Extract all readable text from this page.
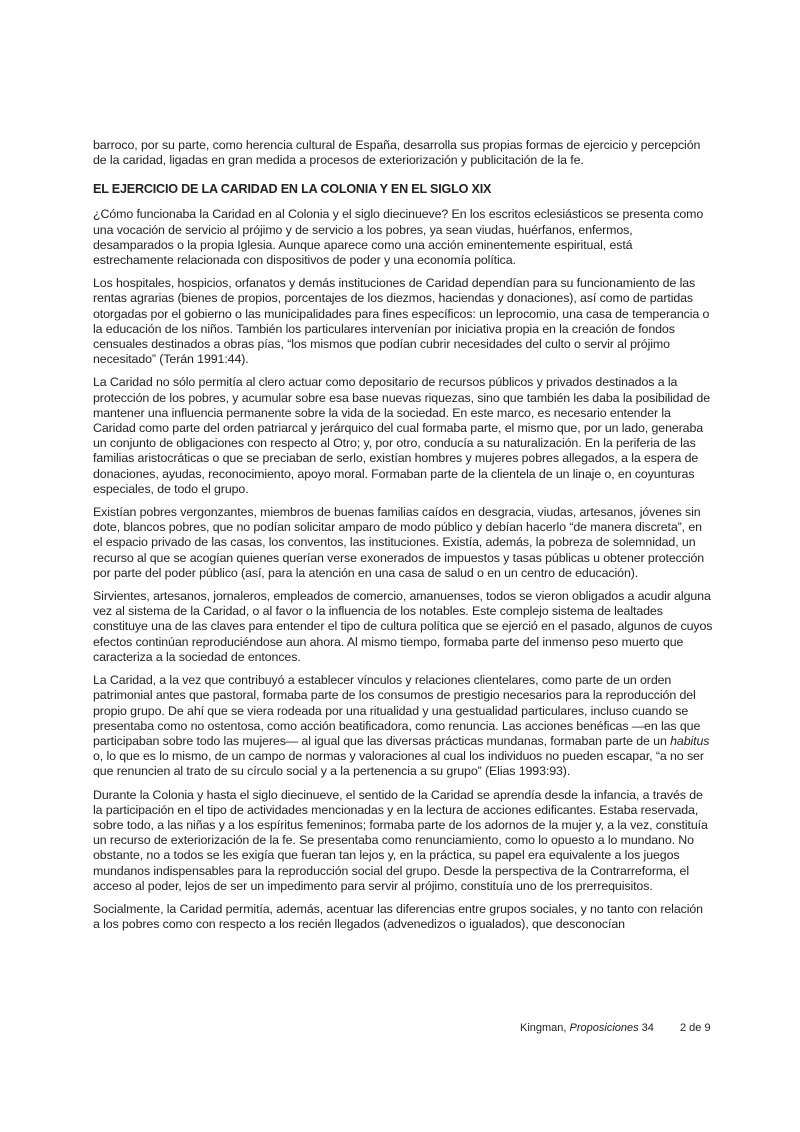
barroco, por su parte, como herencia cultural de España, desarrolla sus propias formas de ejercicio y percepción de la caridad, ligadas en gran medida a procesos de exteriorización y publicitación de la fe.

EL EJERCICIO DE LA CARIDAD EN LA COLONIA Y EN EL SIGLO XIX

¿Cómo funcionaba la Caridad en al Colonia y el siglo diecinueve? En los escritos eclesiásticos se presenta como una vocación de servicio al prójimo y de servicio a los pobres, ya sean viudas, huérfanos, enfermos, desamparados o la propia Iglesia. Aunque aparece como una acción eminentemente espiritual, está estrechamente relacionada con dispositivos de poder y una economía política.

Los hospitales, hospicios, orfanatos y demás instituciones de Caridad dependían para su funcionamiento de las rentas agrarias (bienes de propios, porcentajes de los diezmos, haciendas y donaciones), así como de partidas otorgadas por el gobierno o las municipalidades para fines específicos: un leprocomio, una casa de temperancia o la educación de los niños. También los particulares intervenían por iniciativa propia en la creación de fondos censuales destinados a obras pías, “los mismos que podían cubrir necesidades del culto o servir al prójimo necesitado” (Terán 1991:44).

La Caridad no sólo permitía al clero actuar como depositario de recursos públicos y privados destinados a la protección de los pobres, y acumular sobre esa base nuevas riquezas, sino que también les daba la posibilidad de mantener una influencia permanente sobre la vida de la sociedad. En este marco, es necesario entender la Caridad como parte del orden patriarcal y jerárquico del cual formaba parte, el mismo que, por un lado, generaba un conjunto de obligaciones con respecto al Otro; y, por otro, conducía a su naturalización. En la periferia de las familias aristocráticas o que se preciaban de serlo, existían hombres y mujeres pobres allegados, a la espera de donaciones, ayudas, reconocimiento, apoyo moral. Formaban parte de la clientela de un linaje o, en coyunturas especiales, de todo el grupo.

Existían pobres vergonzantes, miembros de buenas familias caídos en desgracia, viudas, artesanos, jóvenes sin dote, blancos pobres, que no podían solicitar amparo de modo público y debían hacerlo “de manera discreta”, en el espacio privado de las casas, los conventos, las instituciones. Existía, además, la pobreza de solemnidad, un recurso al que se acogían quienes querían verse exonerados de impuestos y tasas públicas u obtener protección por parte del poder público (así, para la atención en una casa de salud o en un centro de educación).

Sirvientes, artesanos, jornaleros, empleados de comercio, amanuenses, todos se vieron obligados a acudir alguna vez al sistema de la Caridad, o al favor o la influencia de los notables. Este complejo sistema de lealtades constituye una de las claves para entender el tipo de cultura política que se ejerció en el pasado, algunos de cuyos efectos continúan reproduciéndose aun ahora. Al mismo tiempo, formaba parte del inmenso peso muerto que caracteriza a la sociedad de entonces.

La Caridad, a la vez que contribuyó a establecer vínculos y relaciones clientelares, como parte de un orden patrimonial antes que pastoral, formaba parte de los consumos de prestigio necesarios para la reproducción del propio grupo. De ahí que se viera rodeada por una ritualidad y una gestualidad particulares, incluso cuando se presentaba como no ostentosa, como acción beatificadora, como renuncia. Las acciones benéficas —en las que participaban sobre todo las mujeres— al igual que las diversas prácticas mundanas, formaban parte de un habitus o, lo que es lo mismo, de un campo de normas y valoraciones al cual los individuos no pueden escapar, “a no ser que renuncien al trato de su círculo social y a la pertenencia a su grupo” (Elias 1993:93).

Durante la Colonia y hasta el siglo diecinueve, el sentido de la Caridad se aprendía desde la infancia, a través de la participación en el tipo de actividades mencionadas y en la lectura de acciones edificantes. Estaba reservada, sobre todo, a las niñas y a los espíritus femeninos; formaba parte de los adornos de la mujer y, a la vez, constituía un recurso de exteriorización de la fe. Se presentaba como renunciamiento, como lo opuesto a lo mundano. No obstante, no a todos se les exigía que fueran tan lejos y, en la práctica, su papel era equivalente a los juegos mundanos indispensables para la reproducción social del grupo. Desde la perspectiva de la Contrarreforma, el acceso al poder, lejos de ser un impedimento para servir al prójimo, constituía uno de los prerrequisitos.

Socialmente, la Caridad permitía, además, acentuar las diferencias entre grupos sociales, y no tanto con relación a los pobres como con respecto a los recién llegados (advenedizos o igualados), que desconocían

Kingman, Proposiciones 34 2 de 9
